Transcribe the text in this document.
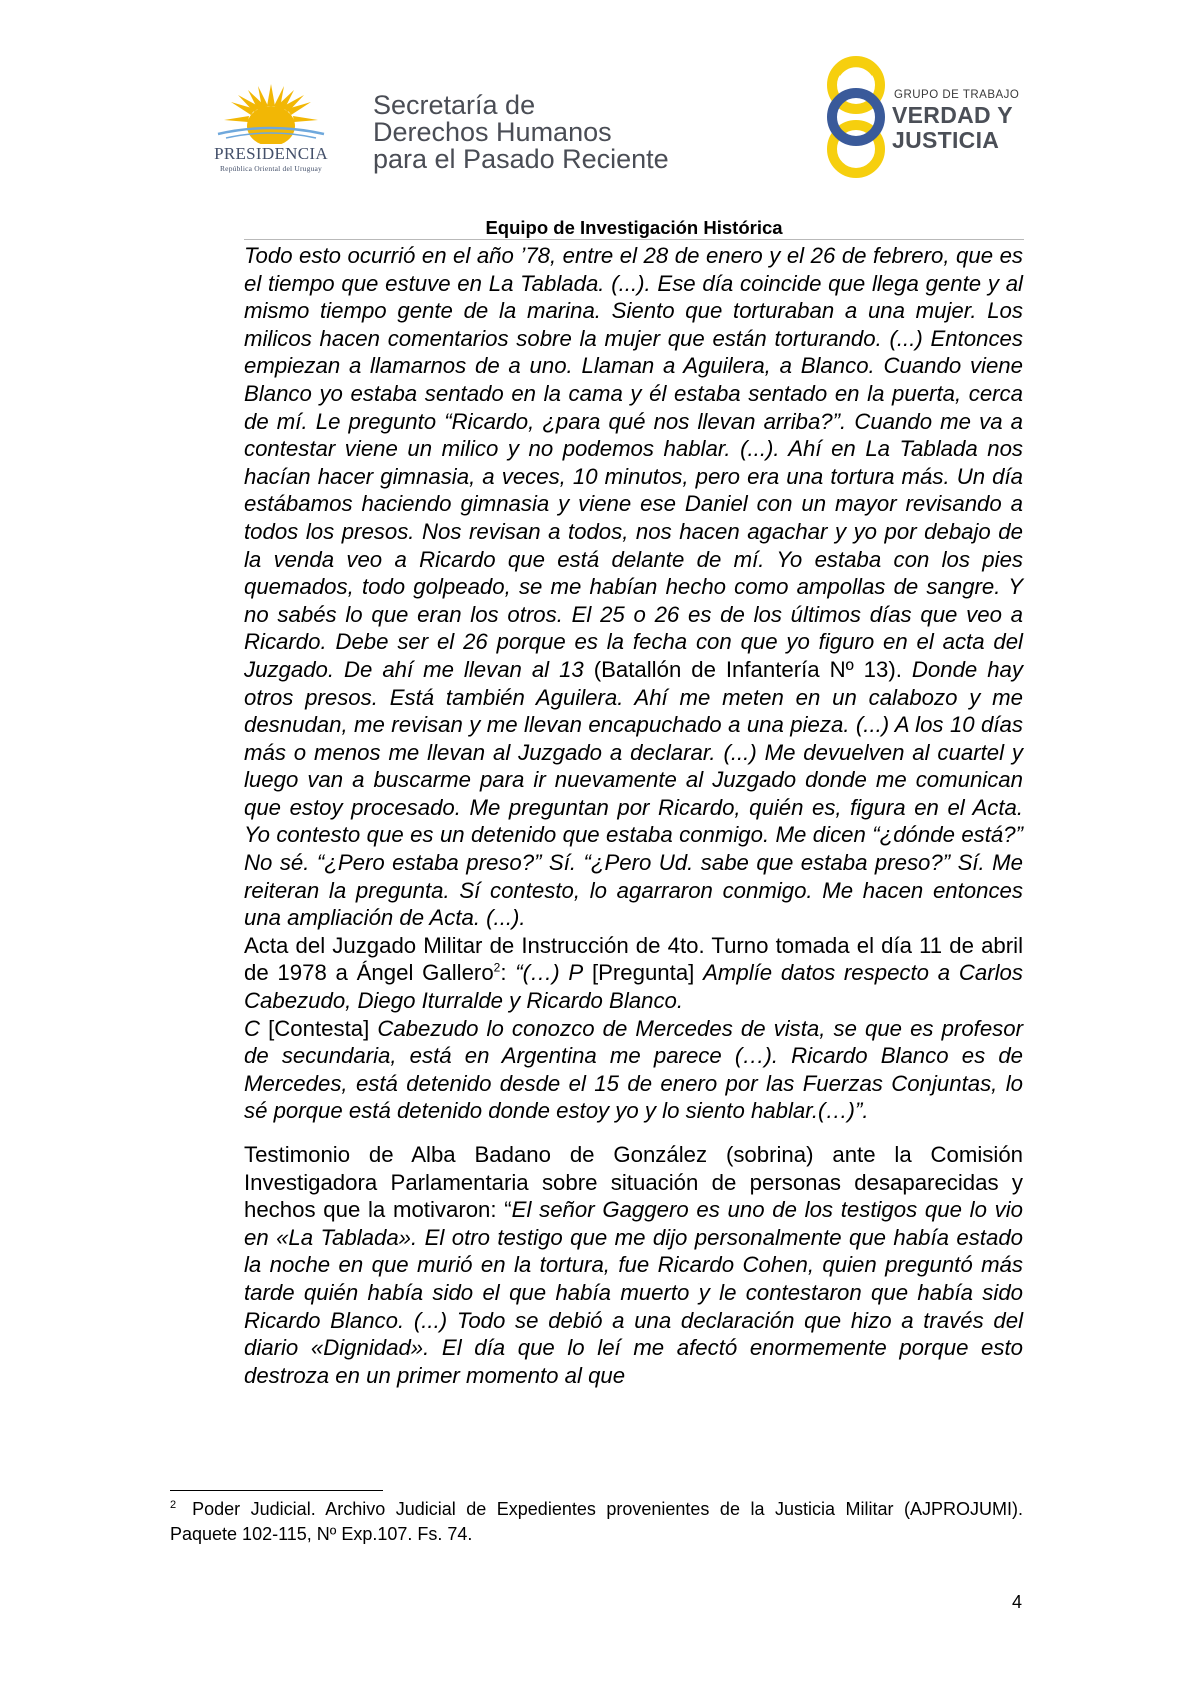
PRESIDENCIA
República Oriental del Uruguay
Secretaría de
Derechos Humanos
para el Pasado Reciente
GRUPO DE TRABAJO
VERDAD Y
JUSTICIA
Equipo de Investigación Histórica

Todo esto ocurrió en el año ’78, entre el 28 de enero y el 26 de febrero, que es el tiempo que estuve en La Tablada. (...). Ese día coincide que llega gente y al mismo tiempo gente de la marina. Siento que torturaban a una mujer. Los milicos hacen comentarios sobre la mujer que están torturando. (...) Entonces empiezan a llamarnos de a uno. Llaman a Aguilera, a Blanco. Cuando viene Blanco yo estaba sentado en la cama y él estaba sentado en la puerta, cerca de mí. Le pregunto “Ricardo, ¿para qué nos llevan arriba?”. Cuando me va a contestar viene un milico y no podemos hablar. (...). Ahí en La Tablada nos hacían hacer gimnasia, a veces, 10 minutos, pero era una tortura más. Un día estábamos haciendo gimnasia y viene ese Daniel con un mayor revisando a todos los presos. Nos revisan a todos, nos hacen agachar y yo por debajo de la venda veo a Ricardo que está delante de mí. Yo estaba con los pies quemados, todo golpeado, se me habían hecho como ampollas de sangre. Y no sabés lo que eran los otros. El 25 o 26 es de los últimos días que veo a Ricardo. Debe ser el 26 porque es la fecha con que yo figuro en el acta del Juzgado. De ahí me llevan al 13 (Batallón de Infantería Nº 13). Donde hay otros presos. Está también Aguilera. Ahí me meten en un calabozo y me desnudan, me revisan y me llevan encapuchado a una pieza. (...) A los 10 días más o menos me llevan al Juzgado a declarar. (...) Me devuelven al cuartel y luego van a buscarme para ir nuevamente al Juzgado donde me comunican que estoy procesado. Me preguntan por Ricardo, quién es, figura en el Acta. Yo contesto que es un detenido que estaba conmigo. Me dicen “¿dónde está?” No sé. “¿Pero estaba preso?” Sí. “¿Pero Ud. sabe que estaba preso?” Sí. Me reiteran la pregunta. Sí contesto, lo agarraron conmigo. Me hacen entonces una ampliación de Acta. (...).

Acta del Juzgado Militar de Instrucción de 4to. Turno tomada el día 11 de abril de 1978 a Ángel Gallero$^2$: “(…) P [Pregunta] Amplíe datos respecto a Carlos Cabezudo, Diego Iturralde y Ricardo Blanco.

C [Contesta] Cabezudo lo conozco de Mercedes de vista, se que es profesor de secundaria, está en Argentina me parece (…). Ricardo Blanco es de Mercedes, está detenido desde el 15 de enero por las Fuerzas Conjuntas, lo sé porque está detenido donde estoy yo y lo siento hablar.(…)”.

Testimonio de Alba Badano de González (sobrina) ante la Comisión Investigadora Parlamentaria sobre situación de personas desaparecidas y hechos que la motivaron: “El señor Gaggero es uno de los testigos que lo vio en «La Tablada». El otro testigo que me dijo personalmente que había estado la noche en que murió en la tortura, fue Ricardo Cohen, quien preguntó más tarde quién había sido el que había muerto y le contestaron que había sido Ricardo Blanco. (...) Todo se debió a una declaración que hizo a través del diario «Dignidad». El día que lo leí me afectó enormemente porque esto destroza en un primer momento al que

$^2$ Poder Judicial. Archivo Judicial de Expedientes provenientes de la Justicia Militar (AJPROJUMI). Paquete 102-115, Nº Exp.107. Fs. 74.
4
